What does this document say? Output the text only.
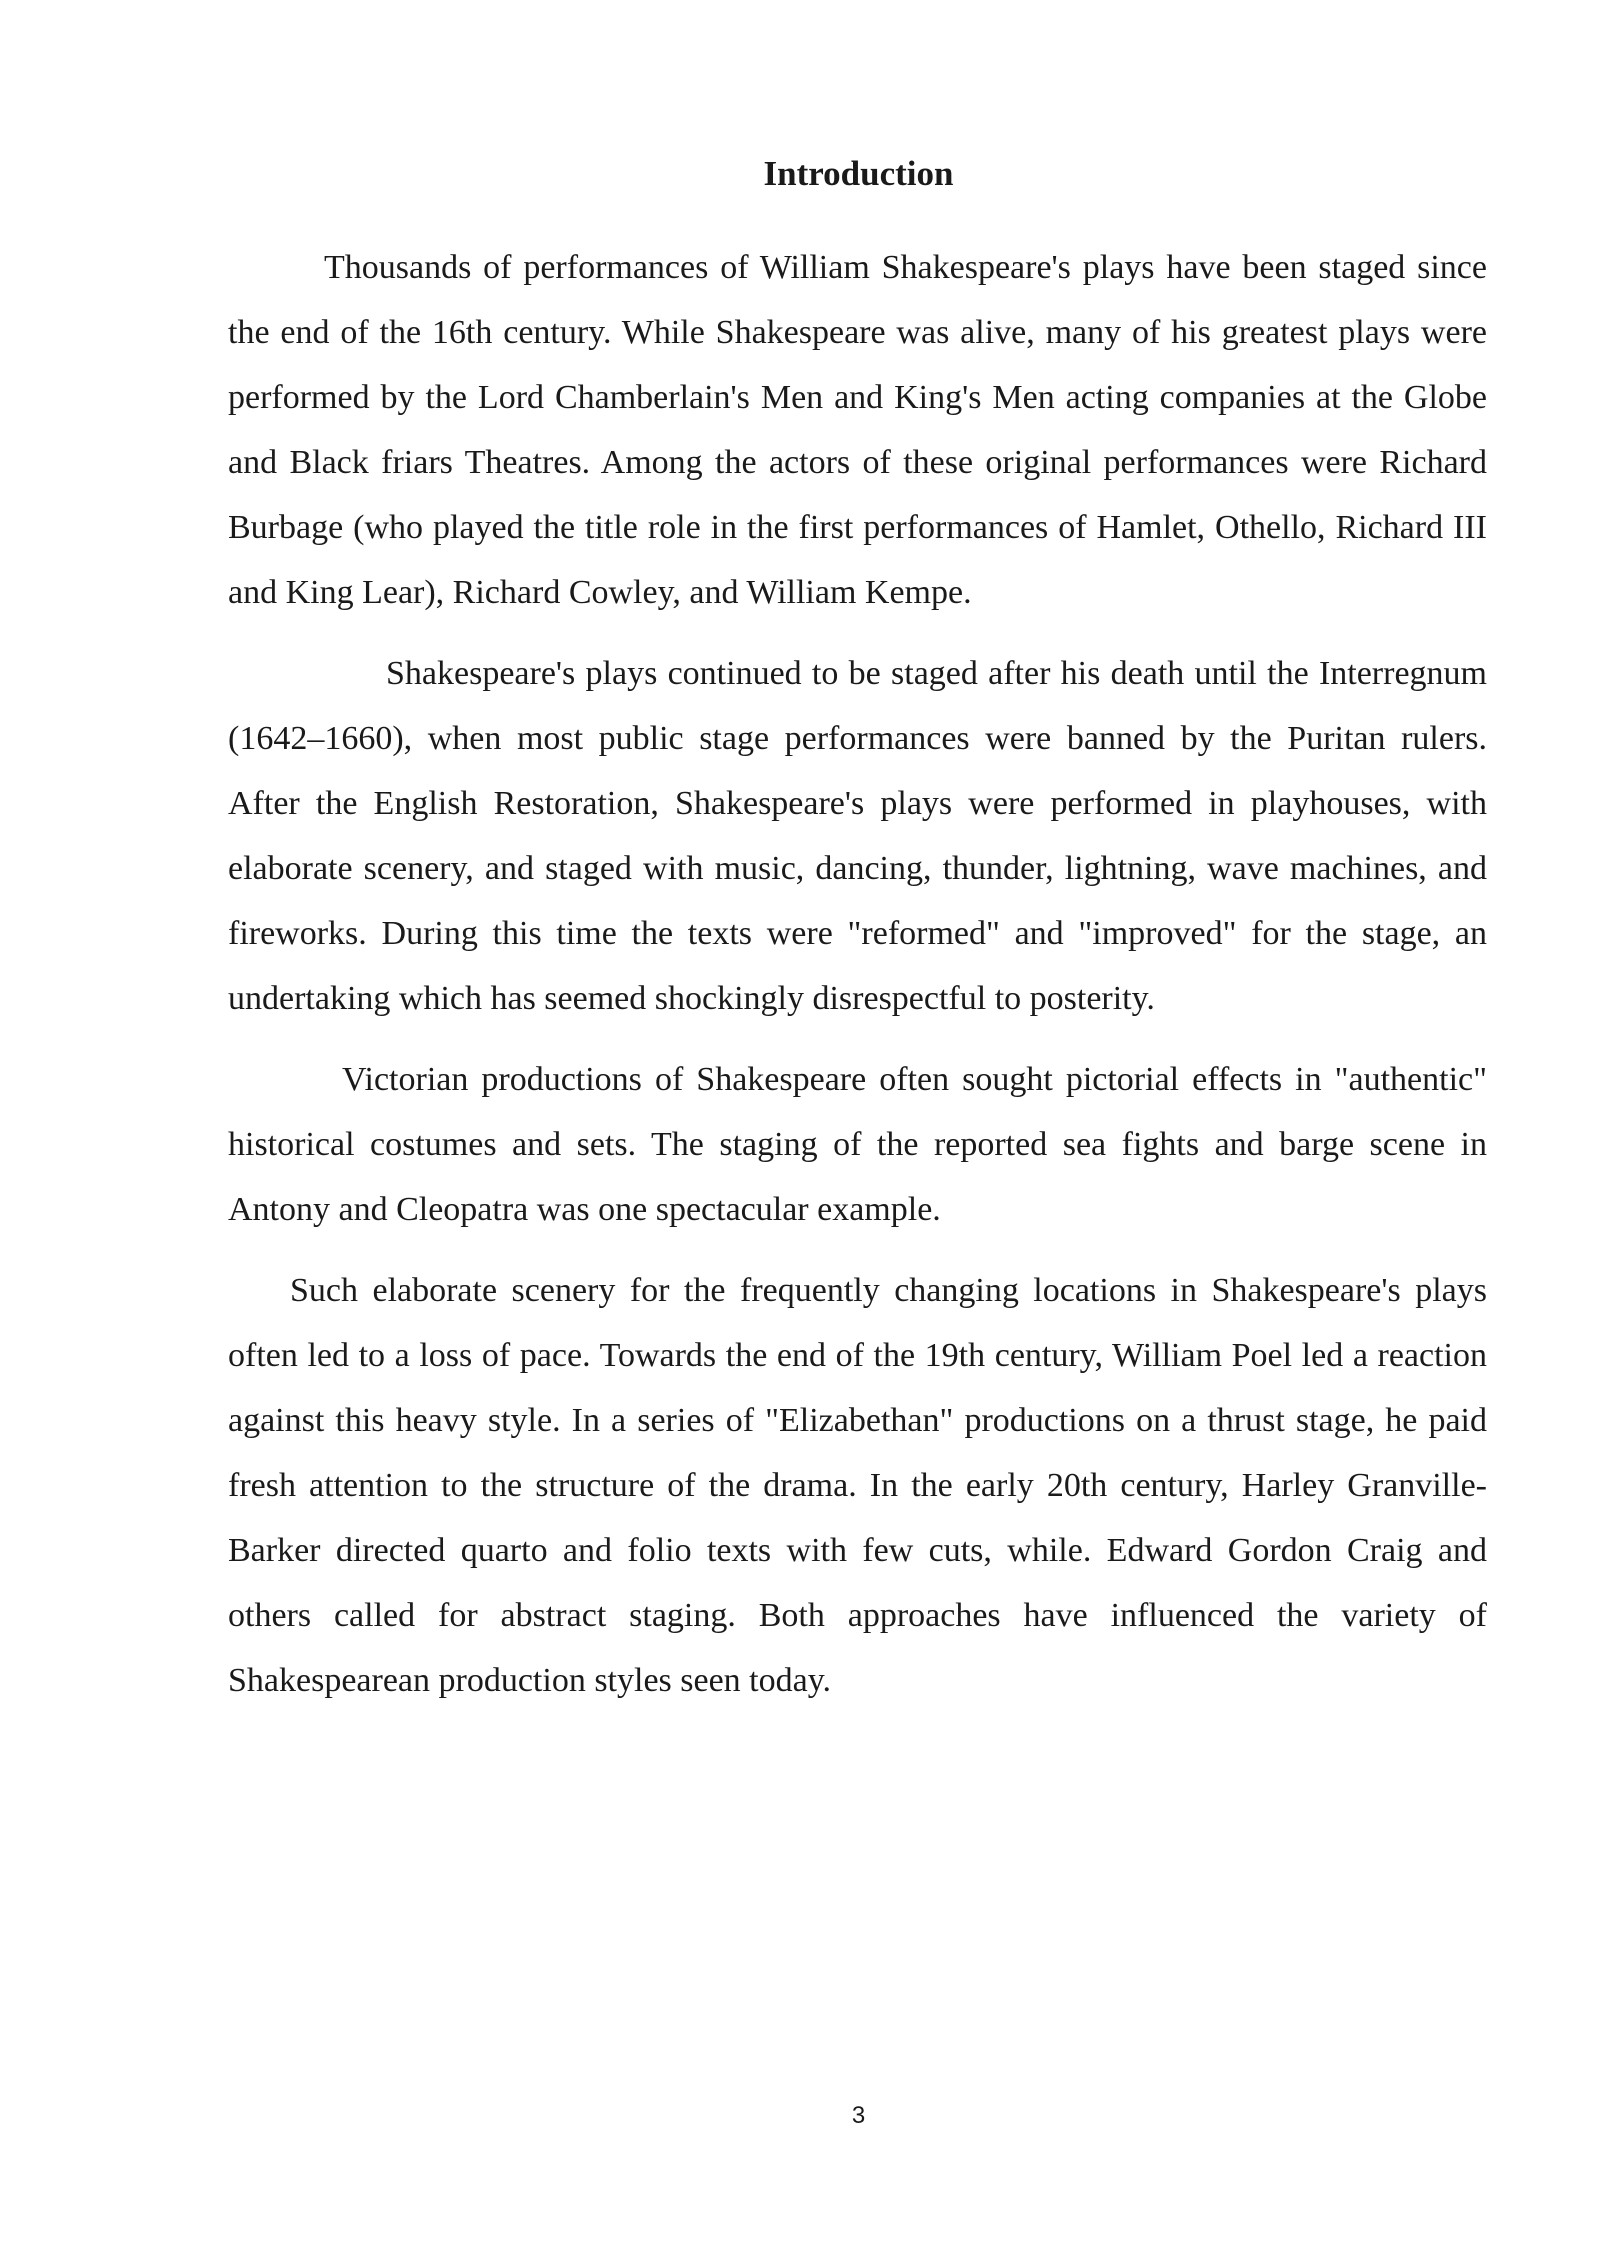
Introduction

Thousands of performances of William Shakespeare's plays have been staged since the end of the 16th century. While Shakespeare was alive, many of his greatest plays were performed by the Lord Chamberlain's Men and King's Men acting companies at the Globe and Black friars Theatres. Among the actors of these original performances were Richard Burbage (who played the title role in the first performances of Hamlet, Othello, Richard III and King Lear), Richard Cowley, and William Kempe.

Shakespeare's plays continued to be staged after his death until the Interregnum (1642–1660), when most public stage performances were banned by the Puritan rulers. After the English Restoration, Shakespeare's plays were performed in playhouses, with elaborate scenery, and staged with music, dancing, thunder, lightning, wave machines, and fireworks. During this time the texts were "reformed" and "improved" for the stage, an undertaking which has seemed shockingly disrespectful to posterity.

Victorian productions of Shakespeare often sought pictorial effects in "authentic" historical costumes and sets. The staging of the reported sea fights and barge scene in Antony and Cleopatra was one spectacular example.

Such elaborate scenery for the frequently changing locations in Shakespeare's plays often led to a loss of pace. Towards the end of the 19th century, William Poel led a reaction against this heavy style. In a series of "Elizabethan" productions on a thrust stage, he paid fresh attention to the structure of the drama. In the early 20th century, Harley Granville-Barker directed quarto and folio texts with few cuts, while. Edward Gordon Craig and others called for abstract staging. Both approaches have influenced the variety of Shakespearean production styles seen today.

3
